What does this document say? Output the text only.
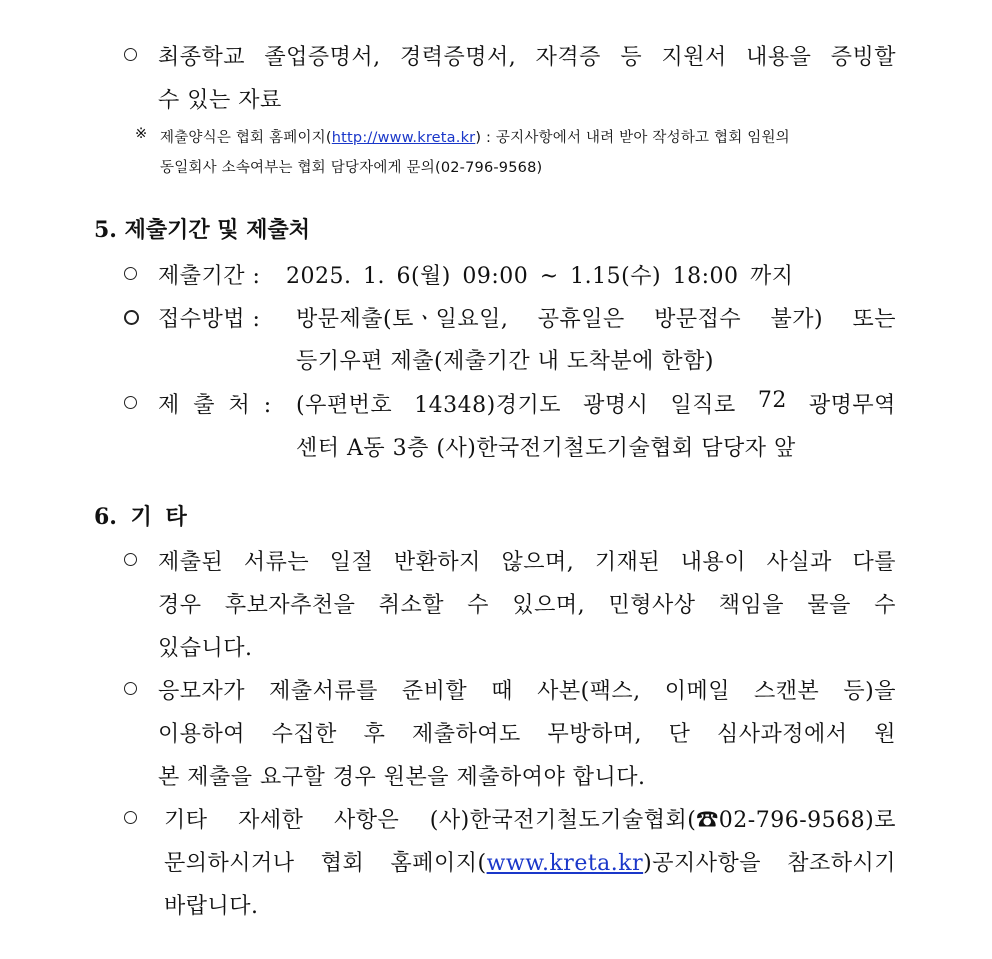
최종학교 졸업증명서, 경력증명서, 자격증 등 지원서 내용을 증빙할
수 있는 자료
※ 제출양식은 협회 홈페이지(http://www.kreta.kr) : 공지사항에서 내려 받아 작성하고 협회 임원의
동일회사 소속여부는 협회 담당자에게 문의(02-796-9568)
5. 제출기간 및 제출처
제출기간 : 2025. 1. 6(월) 09:00 ~ 1.15(수) 18:00 까지
접수방법 : 방문제출(토ㆍ일요일, 공휴일은 방문접수 불가) 또는
등기우편 제출(제출기간 내 도착분에 한함)
제 출 처 : (우편번호 14348)경기도 광명시 일직로 72 광명무역
센터 A동 3층 (사)한국전기철도기술협회 담당자 앞
6. 기 타
제출된 서류는 일절 반환하지 않으며, 기재된 내용이 사실과 다를
경우 후보자추천을 취소할 수 있으며, 민형사상 책임을 물을 수
있습니다.
응모자가 제출서류를 준비할 때 사본(팩스, 이메일 스캔본 등)을
이용하여 수집한 후 제출하여도 무방하며, 단 심사과정에서 원
본 제출을 요구할 경우 원본을 제출하여야 합니다.
기타 자세한 사항은 (사)한국전기철도기술협회(☎02-796-9568)로
문의하시거나 협회 홈페이지(www.kreta.kr)공지사항을 참조하시기
바랍니다.
